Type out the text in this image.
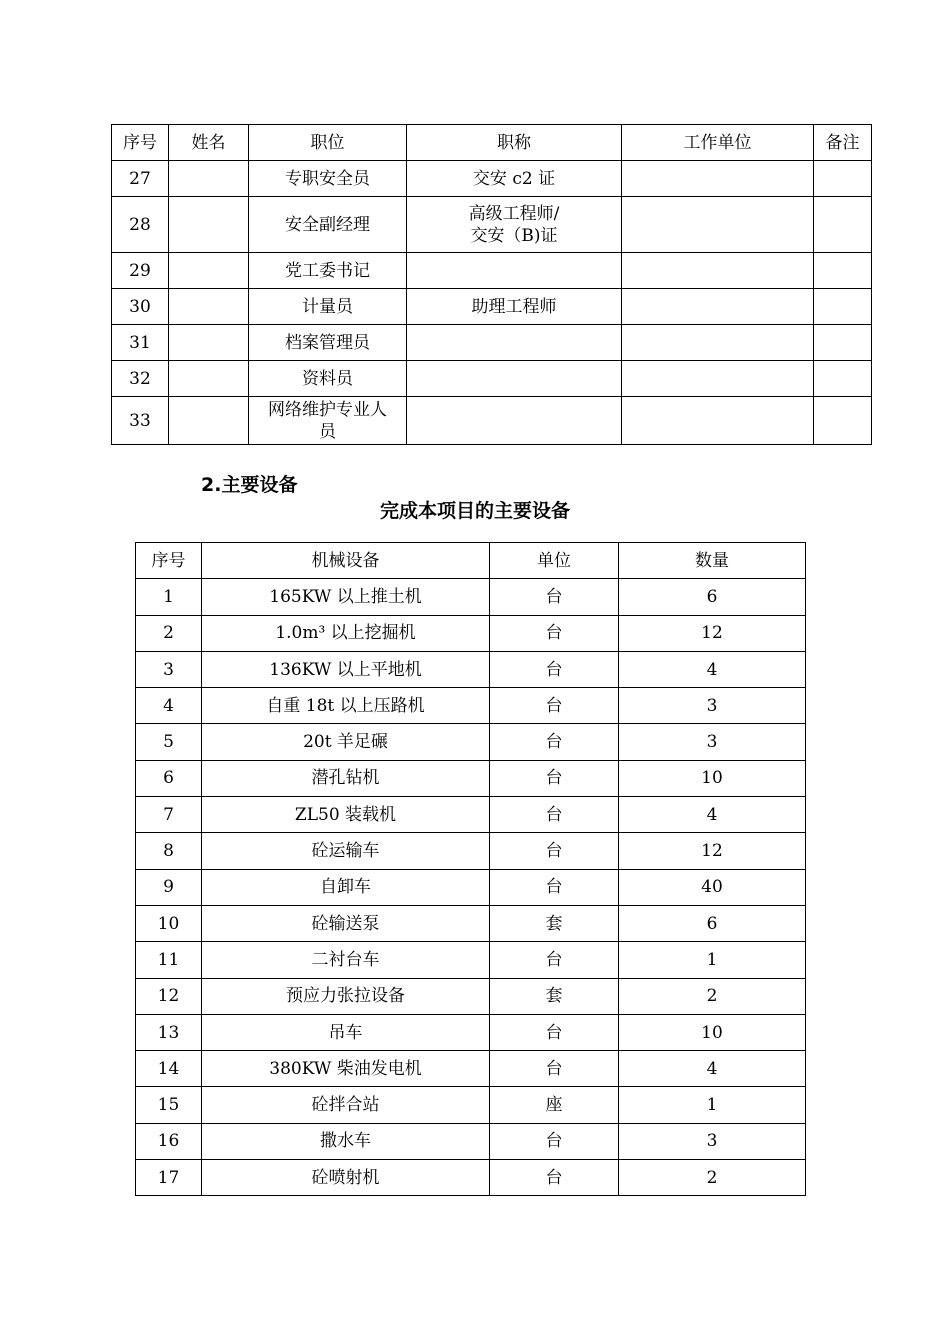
序号	姓名	职位	职称	工作单位	备注
27		专职安全员	交安 c2 证		
28		安全副经理	高级工程师/
交安（B)证		
29		党工委书记			
30		计量员	助理工程师		
31		档案管理员			
32		资料员			
33		网络维护专业人
员			
2.主要设备
完成本项目的主要设备
序号	机械设备	单位	数量
1	165KW 以上推土机	台	6
2	1.0m³ 以上挖掘机	台	12
3	136KW 以上平地机	台	4
4	自重 18t 以上压路机	台	3
5	20t 羊足碾	台	3
6	潜孔钻机	台	10
7	ZL50 装载机	台	4
8	砼运输车	台	12
9	自卸车	台	40
10	砼输送泵	套	6
11	二衬台车	台	1
12	预应力张拉设备	套	2
13	吊车	台	10
14	380KW 柴油发电机	台	4
15	砼拌合站	座	1
16	撒水车	台	3
17	砼喷射机	台	2
